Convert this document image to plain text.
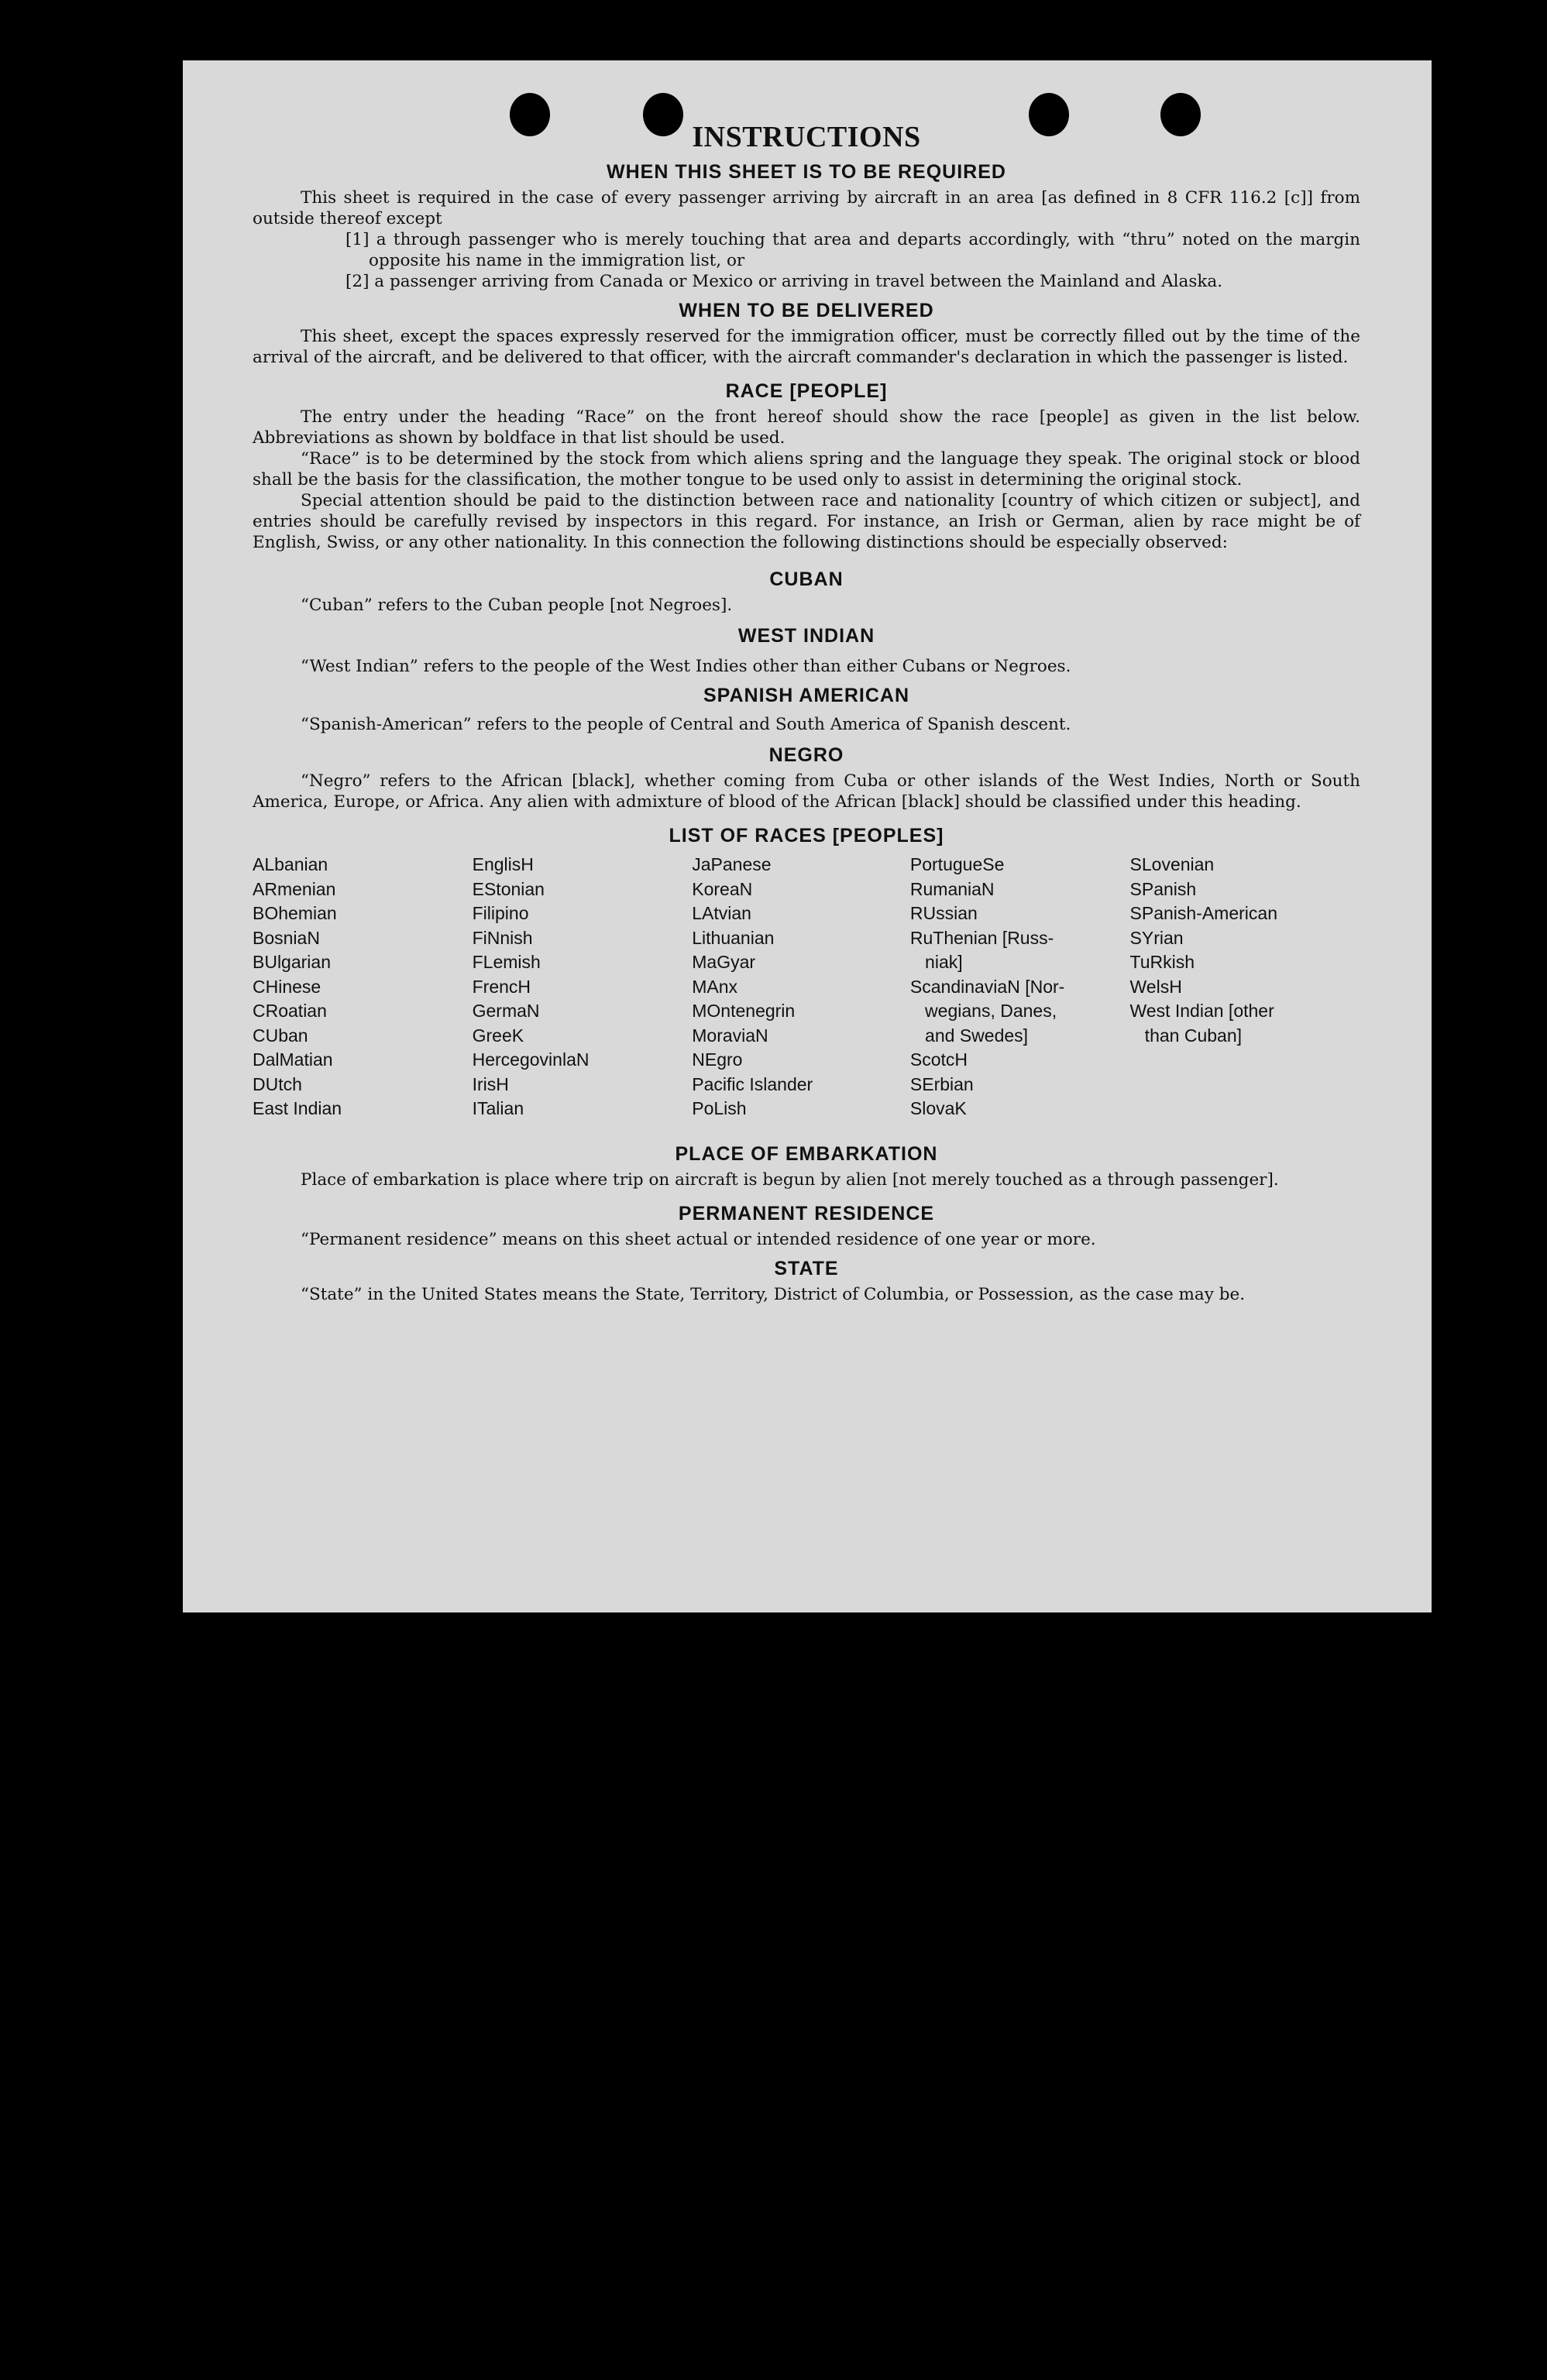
INSTRUCTIONS
WHEN THIS SHEET IS TO BE REQUIRED

This sheet is required in the case of every passenger arriving by aircraft in an area [as defined in 8 CFR 116.2 [c]] from outside thereof except

[1] a through passenger who is merely touching that area and departs accordingly, with “thru” noted on the margin opposite his name in the immigration list, or

[2] a passenger arriving from Canada or Mexico or arriving in travel between the Mainland and Alaska.

WHEN TO BE DELIVERED

This sheet, except the spaces expressly reserved for the immigration officer, must be correctly filled out by the time of the arrival of the aircraft, and be delivered to that officer, with the aircraft commander's declaration in which the passenger is listed.

RACE [PEOPLE]

The entry under the heading “Race” on the front hereof should show the race [people] as given in the list below. Abbreviations as shown by boldface in that list should be used.

“Race” is to be determined by the stock from which aliens spring and the language they speak. The original stock or blood shall be the basis for the classification, the mother tongue to be used only to assist in determining the original stock.

Special attention should be paid to the distinction between race and nationality [country of which citizen or subject], and entries should be carefully revised by inspectors in this regard. For instance, an Irish or German, alien by race might be of English, Swiss, or any other nationality. In this connection the following distinctions should be especially observed:

CUBAN

“Cuban” refers to the Cuban people [not Negroes].

WEST INDIAN

“West Indian” refers to the people of the West Indies other than either Cubans or Negroes.

SPANISH AMERICAN

“Spanish-American” refers to the people of Central and South America of Spanish descent.

NEGRO

“Negro” refers to the African [black], whether coming from Cuba or other islands of the West Indies, North or South America, Europe, or Africa. Any alien with admixture of blood of the African [black] should be classified under this heading.

LIST OF RACES [PEOPLES]
ALbanian
ARmenian
BOhemian
BosniaN
BUlgarian
CHinese
CRoatian
CUban
DalMatian
DUtch
East Indian
EnglisH
EStonian
Filipino
FiNnish
FLemish
FrencH
GermaN
GreeK
HercegovinlaN
IrisH
ITalian
JaPanese
KoreaN
LAtvian
Lithuanian
MaGyar
MAnx
MOntenegrin
MoraviaN
NEgro
Pacific Islander
PoLish
PortugueSe
RumaniaN
RUssian
RuThenian [Russ-
niak]
ScandinaviaN [Nor-
wegians, Danes,
and Swedes]
ScotcH
SErbian
SlovaK
SLovenian
SPanish
SPanish-American
SYrian
TuRkish
WelsH
West Indian [other
than Cuban]
PLACE OF EMBARKATION

Place of embarkation is place where trip on aircraft is begun by alien [not merely touched as a through passenger].

PERMANENT RESIDENCE

“Permanent residence” means on this sheet actual or intended residence of one year or more.

STATE

“State” in the United States means the State, Territory, District of Columbia, or Possession, as the case may be.
